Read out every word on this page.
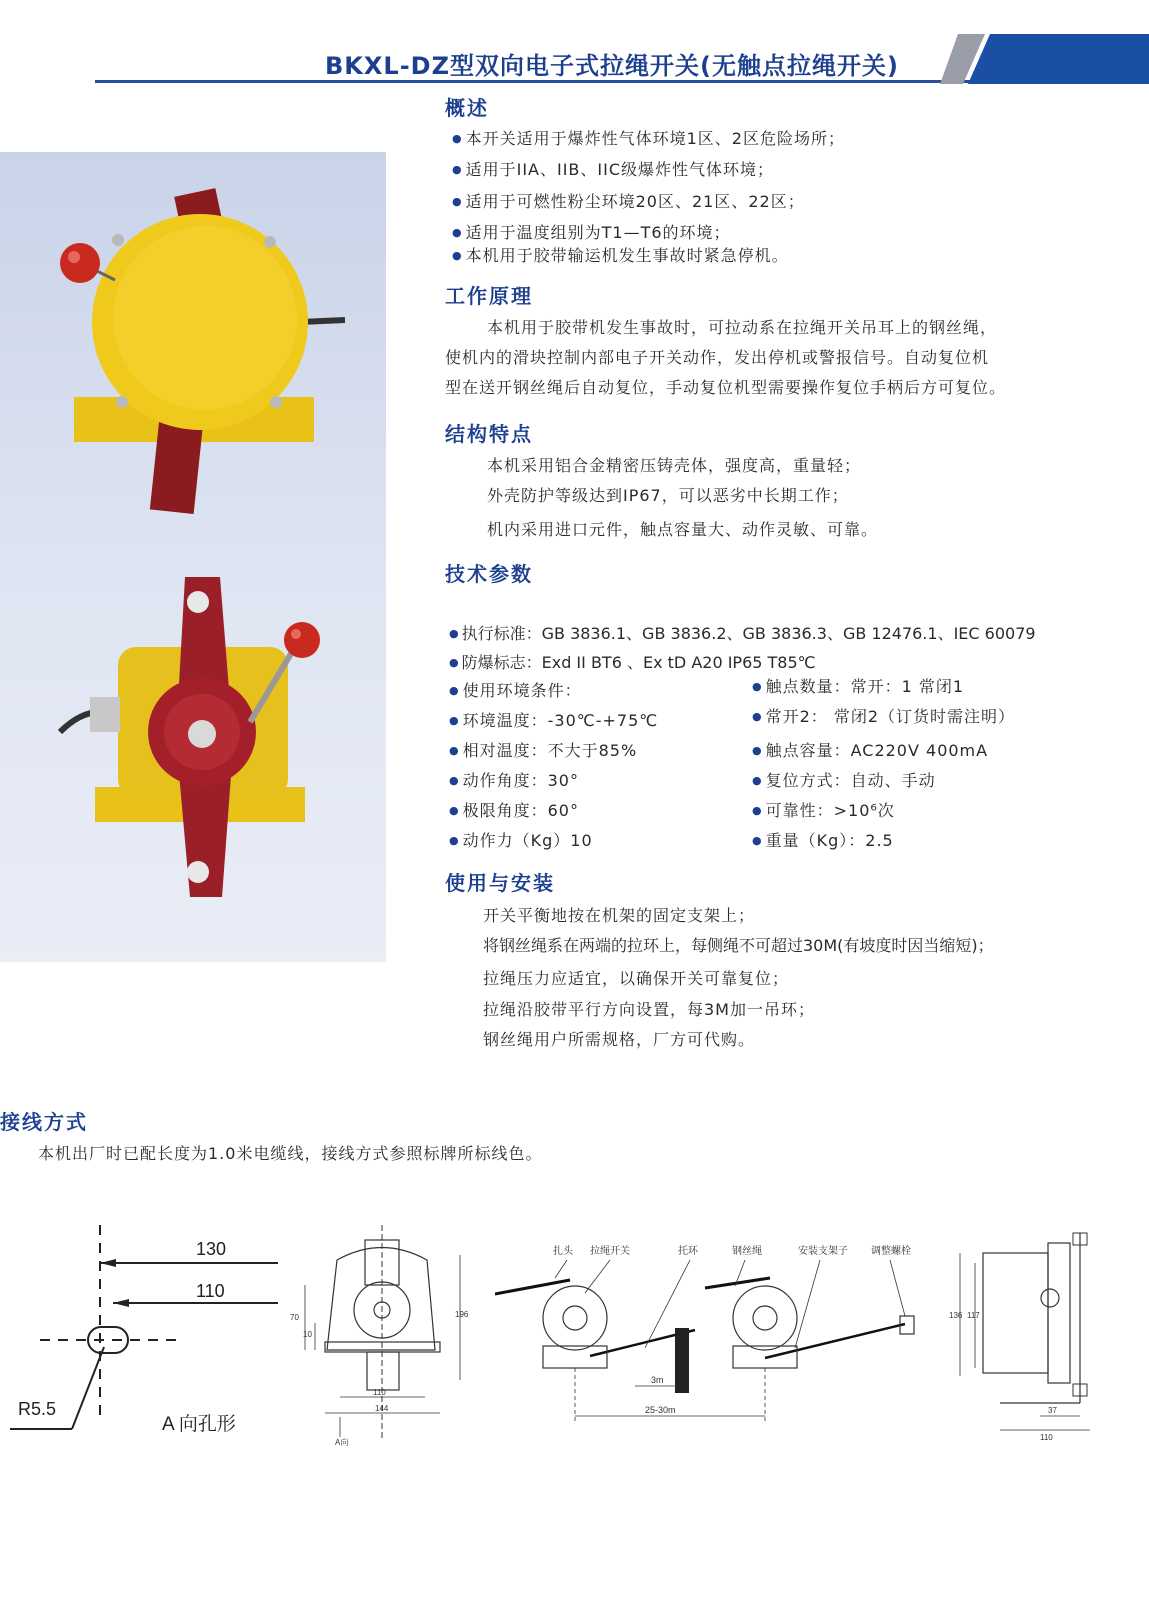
BKXL-DZ型双向电子式拉绳开关(无触点拉绳开关)
概述
● 本开关适用于爆炸性气体环境1区、2区危险场所；
● 适用于IIA、IIB、IIC级爆炸性气体环境；
● 适用于可燃性粉尘环境20区、21区、22区；
● 适用于温度组别为T1—T6的环境；
● 本机用于胶带输运机发生事故时紧急停机。
工作原理
本机用于胶带机发生事故时，可拉动系在拉绳开关吊耳上的钢丝绳，
使机内的滑块控制内部电子开关动作，发出停机或警报信号。自动复位机
型在送开钢丝绳后自动复位，手动复位机型需要操作复位手柄后方可复位。
结构特点
本机采用铝合金精密压铸壳体，强度高，重量轻；
外壳防护等级达到IP67，可以恶劣中长期工作；
机内采用进口元件，触点容量大、动作灵敏、可靠。
技术参数
● 执行标准：GB 3836.1、GB 3836.2、GB 3836.3、GB 12476.1、IEC 60079
● 防爆标志：Exd II BT6 、Ex tD A20 IP65 T85℃
● 使用环境条件：
● 环境温度：-30℃-+75℃
● 相对温度：不大于85%
● 动作角度：30°
● 极限角度：60°
● 动作力（Kg）10
● 触点数量：常开：1 常闭1
● 常开2： 常闭2（订货时需注明）
● 触点容量：AC220V 400mA
● 复位方式：自动、手动
● 可靠性：>10⁶次
● 重量（Kg）：2.5
使用与安装
开关平衡地按在机架的固定支架上；
将钢丝绳系在两端的拉环上，每侧绳不可超过30M(有坡度时因当缩短)；
拉绳压力应适宜，以确保开关可靠复位；
拉绳沿胶带平行方向设置，每3M加一吊环；
钢丝绳用户所需规格，厂方可代购。
接线方式
本机出厂时已配长度为1.0米电缆线，接线方式参照标牌所标线色。
130
110
R5.5
A 向孔形
70
10
196
110
144
A向
扎头 拉绳开关	托环	钢丝绳	安装支架子 调整螺栓
3m
25-30m
136 117
37
110
